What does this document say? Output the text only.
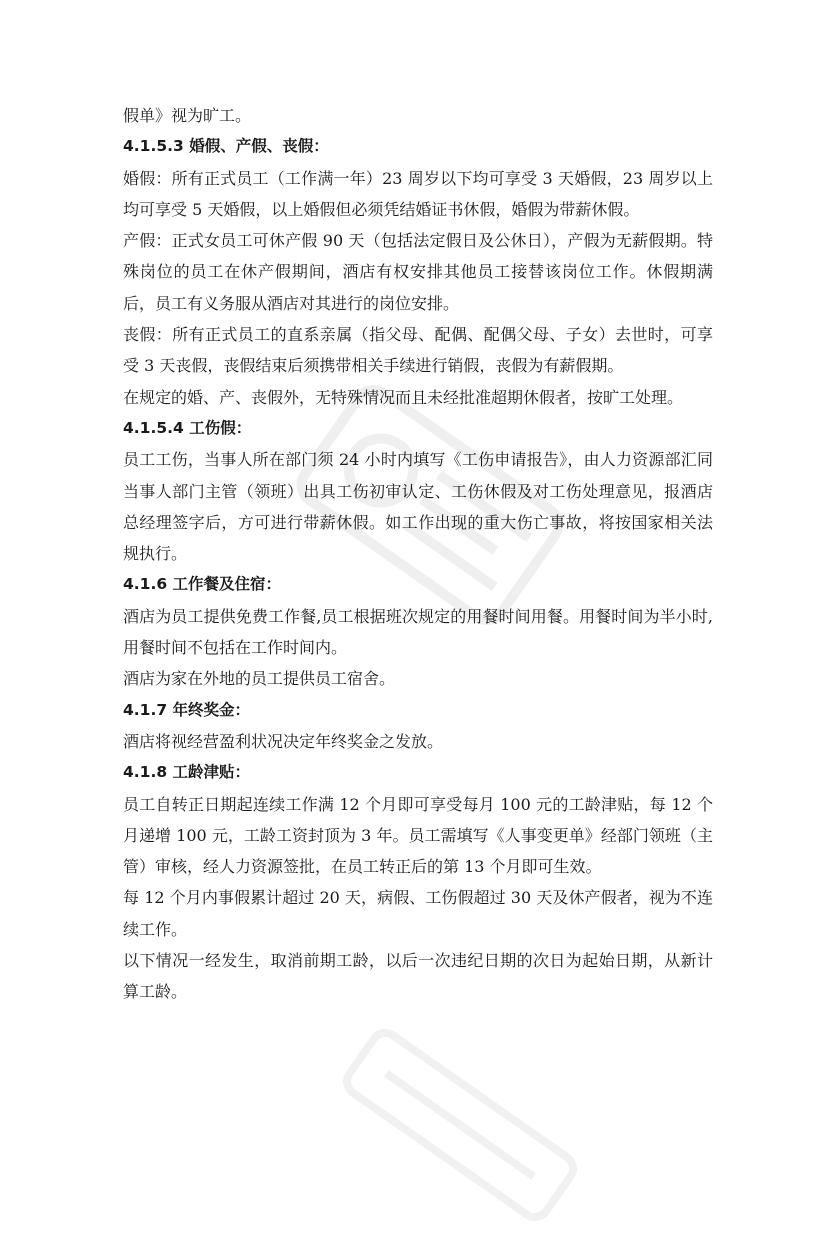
假单》视为旷工。

4.1.5.3 婚假、产假、丧假：

婚假：所有正式员工（工作满一年）23 周岁以下均可享受 3 天婚假，23 周岁以上均可享受 5 天婚假，以上婚假但必须凭结婚证书休假，婚假为带薪休假。

产假：正式女员工可休产假 90 天（包括法定假日及公休日），产假为无薪假期。特殊岗位的员工在休产假期间，酒店有权安排其他员工接替该岗位工作。休假期满后，员工有义务服从酒店对其进行的岗位安排。

丧假：所有正式员工的直系亲属（指父母、配偶、配偶父母、子女）去世时，可享受 3 天丧假，丧假结束后须携带相关手续进行销假，丧假为有薪假期。

在规定的婚、产、丧假外，无特殊情况而且未经批准超期休假者，按旷工处理。

4.1.5.4 工伤假：

员工工伤，当事人所在部门须 24 小时内填写《工伤申请报告》，由人力资源部汇同当事人部门主管（领班）出具工伤初审认定、工伤休假及对工伤处理意见，报酒店总经理签字后，方可进行带薪休假。如工作出现的重大伤亡事故，将按国家相关法规执行。

4.1.6 工作餐及住宿：

酒店为员工提供免费工作餐,员工根据班次规定的用餐时间用餐。用餐时间为半小时, 用餐时间不包括在工作时间内。

酒店为家在外地的员工提供员工宿舍。

4.1.7 年终奖金：

酒店将视经营盈利状况决定年终奖金之发放。

4.1.8 工龄津贴：

员工自转正日期起连续工作满 12 个月即可享受每月 100 元的工龄津贴，每 12 个月递增 100 元，工龄工资封顶为 3 年。员工需填写《人事变更单》经部门领班（主管）审核，经人力资源签批，在员工转正后的第 13 个月即可生效。

每 12 个月内事假累计超过 20 天，病假、工伤假超过 30 天及休产假者，视为不连续工作。

以下情况一经发生，取消前期工龄，以后一次违纪日期的次日为起始日期，从新计算工龄。
